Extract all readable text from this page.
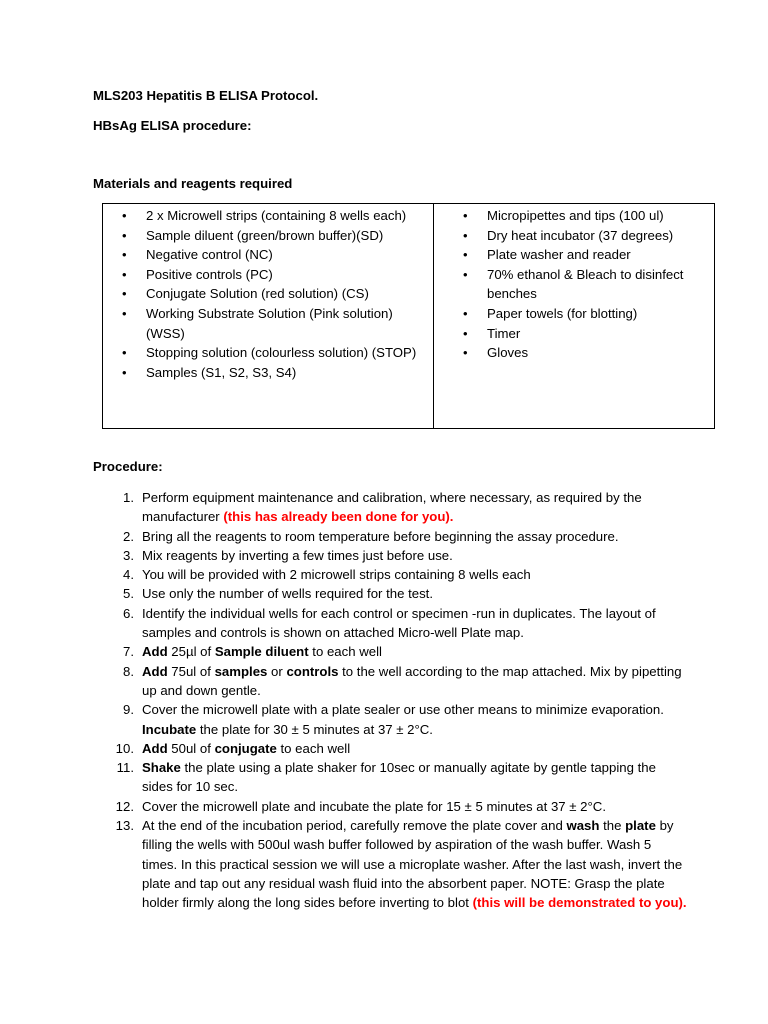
MLS203 Hepatitis B ELISA Protocol.
HBsAg ELISA procedure:
Materials and reagents required
• 2 x Microwell strips (containing 8 wells each)
• Sample diluent (green/brown buffer)(SD)
• Negative control (NC)
• Positive controls (PC)
• Conjugate Solution (red solution) (CS)
• Working Substrate Solution (Pink solution) (WSS)
• Stopping solution (colourless solution) (STOP)
• Samples (S1, S2, S3, S4)
• Micropipettes and tips (100 ul)
• Dry heat incubator (37 degrees)
• Plate washer and reader
• 70% ethanol & Bleach to disinfect benches
• Paper towels (for blotting)
• Timer
• Gloves
Procedure:
1. Perform equipment maintenance and calibration, where necessary, as required by the manufacturer (this has already been done for you).
2. Bring all the reagents to room temperature before beginning the assay procedure.
3. Mix reagents by inverting a few times just before use.
4. You will be provided with 2 microwell strips containing 8 wells each
5. Use only the number of wells required for the test.
6. Identify the individual wells for each control or specimen -run in duplicates. The layout of samples and controls is shown on attached Micro-well Plate map.
7. Add 25µl of Sample diluent to each well
8. Add 75ul of samples or controls to the well according to the map attached. Mix by pipetting up and down gentle.
9. Cover the microwell plate with a plate sealer or use other means to minimize evaporation. Incubate the plate for 30 ± 5 minutes at 37 ± 2°C.
10. Add 50ul of conjugate to each well
11. Shake the plate using a plate shaker for 10sec or manually agitate by gentle tapping the sides for 10 sec.
12. Cover the microwell plate and incubate the plate for 15 ± 5 minutes at 37 ± 2°C.
13. At the end of the incubation period, carefully remove the plate cover and wash the plate by filling the wells with 500ul wash buffer followed by aspiration of the wash buffer. Wash 5 times. In this practical session we will use a microplate washer. After the last wash, invert the plate and tap out any residual wash fluid into the absorbent paper. NOTE: Grasp the plate holder firmly along the long sides before inverting to blot (this will be demonstrated to you).
